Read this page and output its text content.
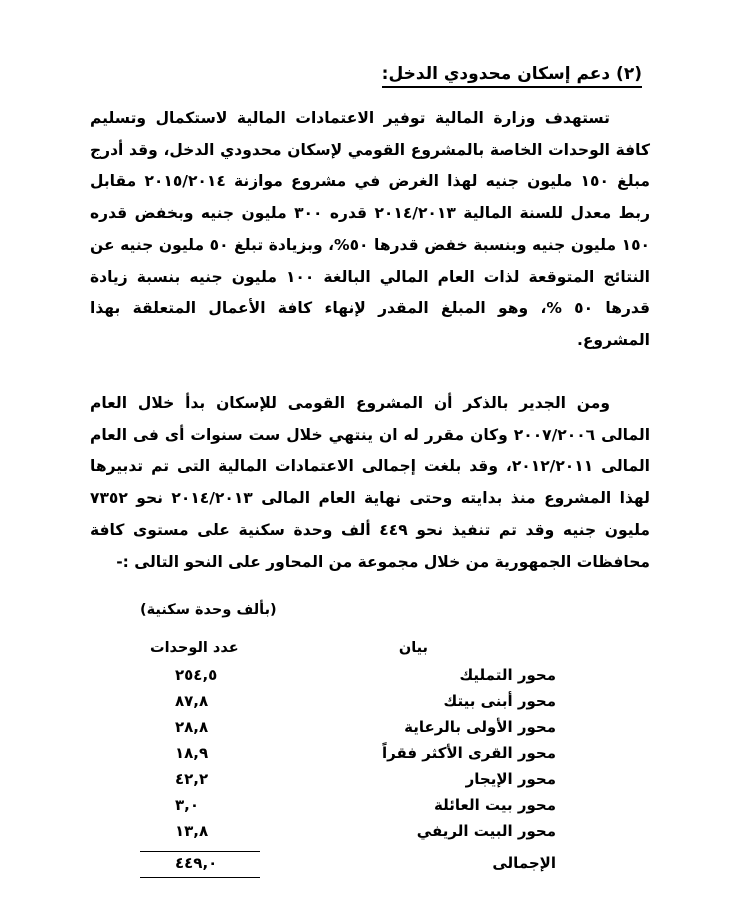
(٢) دعم إسكان محدودي الدخل:

تستهدف وزارة المالية توفير الاعتمادات المالية لاستكمال وتسليم كافة الوحدات الخاصة بالمشروع القومي لإسكان محدودي الدخل، وقد أدرج مبلغ ١٥٠ مليون جنيه لهذا الغرض في مشروع موازنة ٢٠١٥/٢٠١٤ مقابل ربط معدل للسنة المالية ٢٠١٤/٢٠١٣ قدره ٣٠٠ مليون جنيه وبخفض قدره ١٥٠ مليون جنيه وبنسبة خفض قدرها ٥٠%، وبزيادة تبلغ ٥٠ مليون جنيه عن النتائج المتوقعة لذات العام المالي البالغة ١٠٠ مليون جنيه بنسبة زيادة قدرها ٥٠ %، وهو المبلغ المقدر لإنهاء كافة الأعمال المتعلقة بهذا المشروع.

ومن الجدير بالذكر أن المشروع القومى للإسكان بدأ خلال العام المالى ٢٠٠٧/٢٠٠٦ وكان مقرر له ان ينتهي خلال ست سنوات أى فى العام المالى ٢٠١٢/٢٠١١، وقد بلغت إجمالى الاعتمادات المالية التى تم تدبيرها لهذا المشروع منذ بدايته وحتى نهاية العام المالى ٢٠١٤/٢٠١٣ نحو ٧٣٥٢ مليون جنيه وقد تم تنفيذ نحو ٤٤٩ ألف وحدة سكنية على مستوى كافة محافظات الجمهورية من خلال مجموعة من المحاور على النحو التالى :-

(بألف وحدة سكنية)
بيان
عدد الوحدات
محور التمليك
٢٥٤,٥
محور أبنى بيتك
٨٧,٨
محور الأولى بالرعاية
٢٨,٨
محور القرى الأكثر فقراً
١٨,٩
محور الإيجار
٤٢,٢
محور بيت العائلة
٣,٠
محور البيت الريفي
١٣,٨
الإجمالى
٤٤٩,٠
